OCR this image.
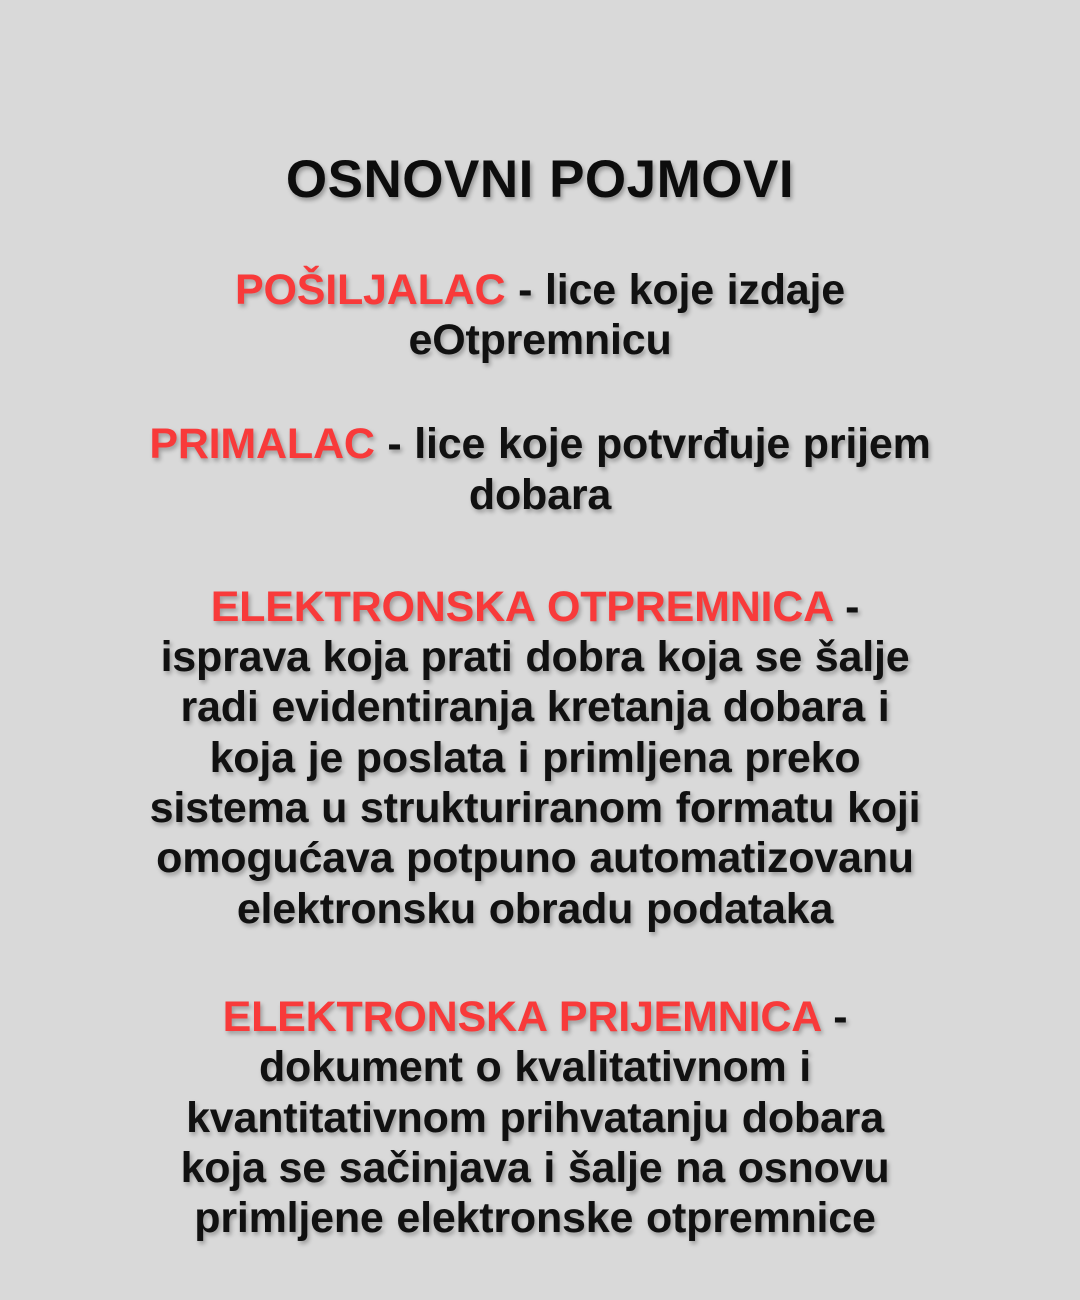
OSNOVNI POJMOVI

POŠILJALAC - lice koje izdaje eOtpremnicu

PRIMALAC - lice koje potvrđuje prijem dobara

ELEKTRONSKA OTPREMNICA - isprava koja prati dobra koja se šalje radi evidentiranja kretanja dobara i koja je poslata i primljena preko sistema u strukturiranom formatu koji omogućava potpuno automatizovanu elektronsku obradu podataka

ELEKTRONSKA PRIJEMNICA - dokument o kvalitativnom i kvantitativnom prihvatanju dobara koja se sačinjava i šalje na osnovu primljene elektronske otpremnice
